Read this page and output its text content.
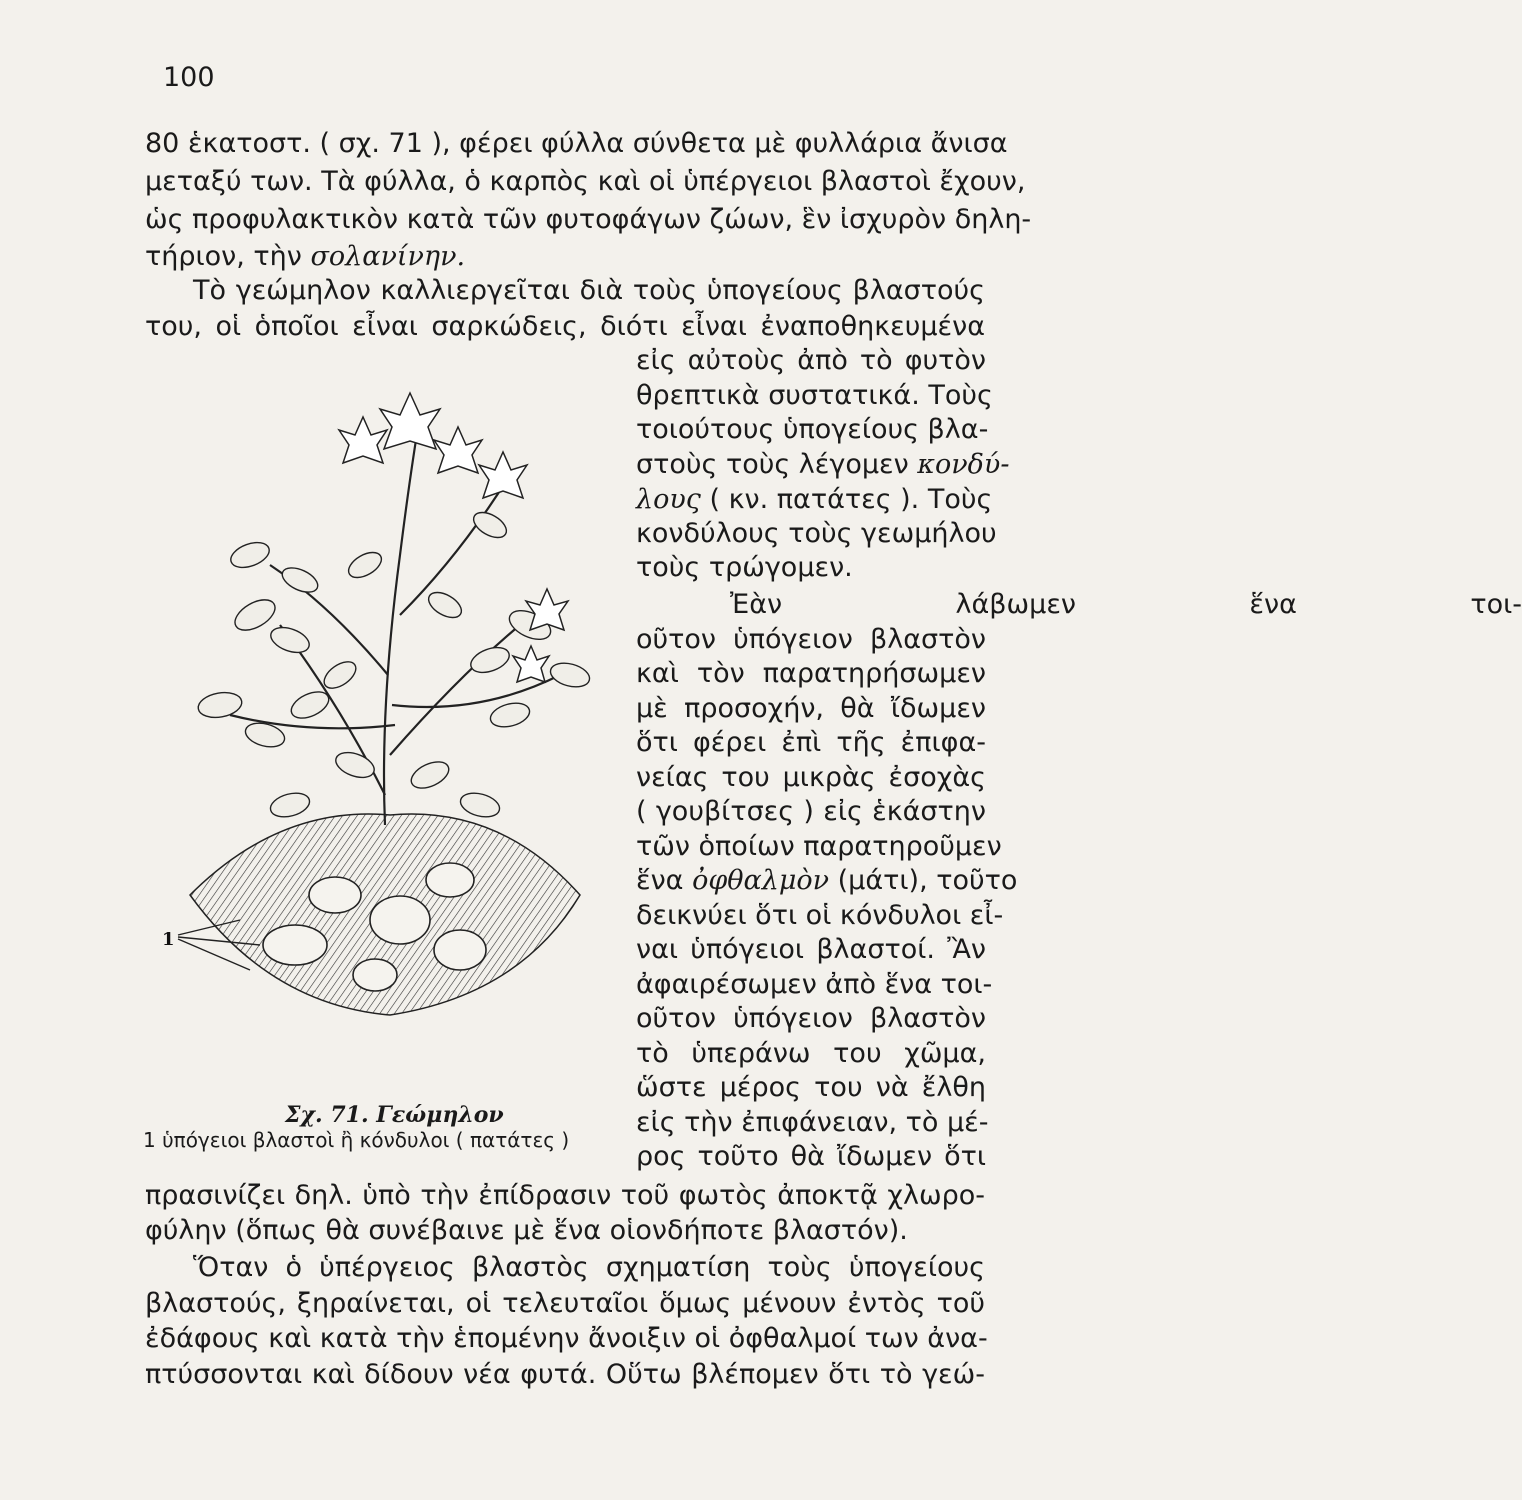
100
80 ἑκατοστ. ( σχ. 71 ), φέρει φύλλα σύνθετα μὲ φυλλάρια ἄνισα
μεταξύ των. Τὰ φύλλα, ὁ καρπὸς καὶ οἱ ὑπέργειοι βλαστοὶ ἔχουν,
ὡς προφυλακτικὸν κατὰ τῶν φυτοφάγων ζώων, ἓν ἰσχυρὸν δηλη-
τήριον, τὴν σολανίνην.
Τὸ γεώμηλον καλλιεργεῖται διὰ τοὺς ὑπογείους βλαστούς
του, οἱ ὁποῖοι εἶναι σαρκώδεις, διότι εἶναι ἐναποθηκευμένα
εἰς αὐτοὺς ἀπὸ τὸ φυτὸν
θρεπτικὰ συστατικά. Τοὺς
τοιούτους ὑπογείους βλα-
στοὺς τοὺς λέγομεν κονδύ-
λους ( κν. πατάτες ). Τοὺς
κονδύλους τοὺς γεωμήλου
τοὺς τρώγομεν.
Ἐὰν λάβωμεν ἕνα τοι-
οῦτον ὑπόγειον βλαστὸν
καὶ τὸν παρατηρήσωμεν
μὲ προσοχήν, θὰ ἴδωμεν
ὅτι φέρει ἐπὶ τῆς ἐπιφα-
νείας του μικρὰς ἐσοχὰς
( γουβίτσες ) εἰς ἑκάστην
τῶν ὁποίων παρατηροῦμεν
ἕνα ὀφθαλμὸν (μάτι), τοῦτο
δεικνύει ὅτι οἱ κόνδυλοι εἶ-
ναι ὑπόγειοι βλαστοί. Ἂν
ἀφαιρέσωμεν ἀπὸ ἕνα τοι-
οῦτον ὑπόγειον βλαστὸν
τὸ ὑπεράνω του χῶμα,
ὥστε μέρος του νὰ ἔλθη
εἰς τὴν ἐπιφάνειαν, τὸ μέ-
ρος τοῦτο θὰ ἴδωμεν ὅτι
πρασινίζει δηλ. ὑπὸ τὴν ἐπίδρασιν τοῦ φωτὸς ἀποκτᾷ χλωρο-
φύλην (ὅπως θὰ συνέβαινε μὲ ἕνα οἱονδήποτε βλαστόν).
Ὅταν ὁ ὑπέργειος βλαστὸς σχηματίση τοὺς ὑπογείους
βλαστούς, ξηραίνεται, οἱ τελευταῖοι ὅμως μένουν ἐντὸς τοῦ
ἐδάφους καὶ κατὰ τὴν ἑπομένην ἄνοιξιν οἱ ὀφθαλμοί των ἀνα-
πτύσσονται καὶ δίδουν νέα φυτά. Οὕτω βλέπομεν ὅτι τὸ γεώ-
1
Σχ. 71. Γεώμηλον
1 ὑπόγειοι βλαστοὶ ἢ κόνδυλοι ( πατάτες )
